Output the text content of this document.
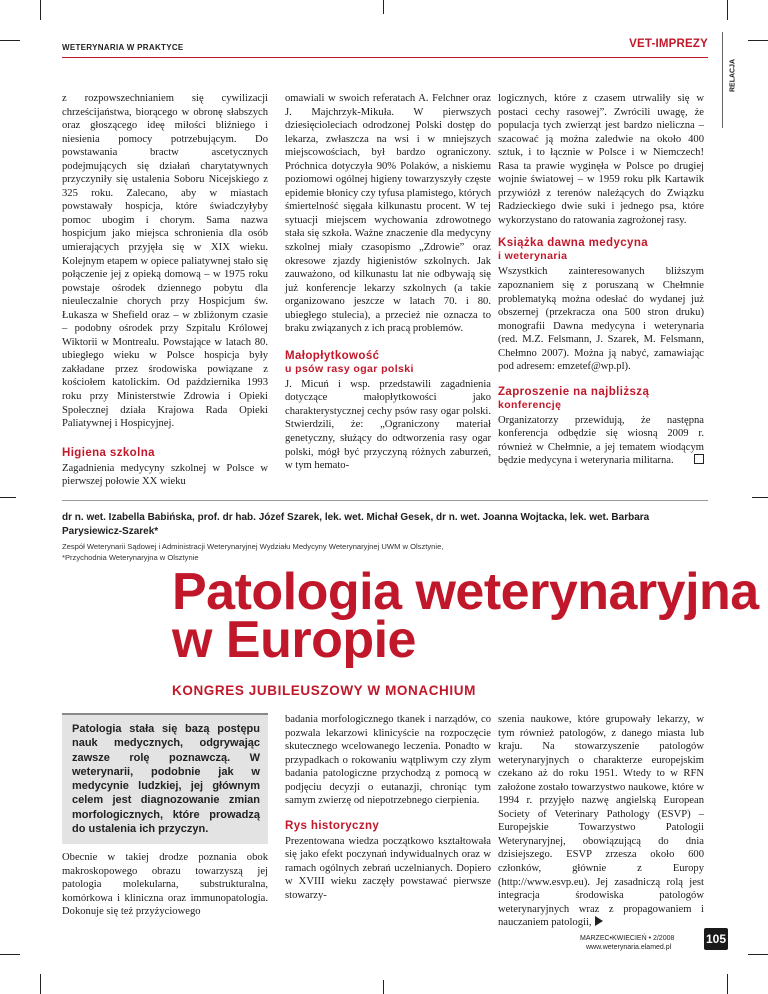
WETERYNARIA W PRAKTYCE	VET-IMPREZY
RELACJA

z rozpowszechnianiem się cywilizacji chrześcijaństwa, biorącego w obronę słabszych oraz głoszącego ideę miłości bliźniego i niesienia pomocy potrzebującym. Do powstawania bractw ascetycznych podejmujących się działań charytatywnych przyczyniły się ustalenia Soboru Nicejskiego z 325 roku. Zalecano, aby w miastach powstawały hospicja, które świadczyłyby pomoc ubogim i chorym. Sama nazwa hospicjum jako miejsca schronienia dla osób umierających przyjęła się w XIX wieku. Kolejnym etapem w opiece paliatywnej stało się połączenie jej z opieką domową – w 1975 roku powstaje ośrodek dziennego pobytu dla nieuleczalnie chorych przy Hospicjum św. Łukasza w Shefield oraz – w zbliżonym czasie – podobny ośrodek przy Szpitalu Królowej Wiktorii w Montrealu. Powstające w latach 80. ubiegłego wieku w Polsce hospicja były zakładane przez środowiska powiązane z kościołem katolickim. Od października 1993 roku przy Ministerstwie Zdrowia i Opieki Społecznej działa Krajowa Rada Opieki Paliatywnej i Hospicyjnej.

Higiena szkolna

Zagadnienia medycyny szkolnej w Polsce w pierwszej połowie XX wieku

omawiali w swoich referatach A. Felchner oraz J. Majchrzyk-Mikuła. W pierwszych dziesięcioleciach odrodzonej Polski dostęp do lekarza, zwłaszcza na wsi i w mniejszych miejscowościach, był bardzo ograniczony. Próchnica dotyczyła 90% Polaków, a niskiemu poziomowi ogólnej higieny towarzyszyły częste epidemie błonicy czy tyfusa plamistego, których śmiertelność sięgała kilkunastu procent. W tej sytuacji miejscem wychowania zdrowotnego stała się szkoła. Ważne znaczenie dla medycyny szkolnej miały czasopismo „Zdrowie” oraz okresowe zjazdy higienistów szkolnych. Jak zauważono, od kilkunastu lat nie odbywają się już konferencje lekarzy szkolnych (a takie organizowano jeszcze w latach 70. i 80. ubiegłego stulecia), a przecież nie oznacza to braku związanych z ich pracą problemów.

Małopłytkowość
u psów rasy ogar polski

J. Micuń i wsp. przedstawili zagadnienia dotyczące małopłytkowości jako charakterystycznej cechy psów rasy ogar polski. Stwierdzili, że: „Ograniczony materiał genetyczny, służący do odtworzenia rasy ogar polski, mógł być przyczyną różnych zaburzeń, w tym hemato-

logicznych, które z czasem utrwaliły się w postaci cechy rasowej”. Zwrócili uwagę, że populacja tych zwierząt jest bardzo nieliczna – szacować ją można zaledwie na około 400 sztuk, i to łącznie w Polsce i w Niemczech! Rasa ta prawie wyginęła w Polsce po drugiej wojnie światowej – w 1959 roku płk Kartawik przywiózł z terenów należących do Związku Radzieckiego dwie suki i jednego psa, które wykorzystano do ratowania zagrożonej rasy.

Książka dawna medycyna
i weterynaria

Wszystkich zainteresowanych bliższym zapoznaniem się z poruszaną w Chełmnie problematyką można odesłać do wydanej już obszernej (przekracza ona 500 stron druku) monografii Dawna medycyna i weterynaria (red. M.Z. Felsmann, J. Szarek, M. Felsmann, Chełmno 2007). Można ją nabyć, zamawiając pod adresem: emzetef@wp.pl).

Zaproszenie na najbliższą
konferencję

Organizatorzy przewidują, że następna konferencja odbędzie się wiosną 2009 r. również w Chełmnie, a jej tematem wiodącym będzie medycyna i weterynaria militarna.

dr n. wet. Izabella Babińska, prof. dr hab. Józef Szarek, lek. wet. Michał Gesek, dr n. wet. Joanna Wojtacka, lek. wet. Barbara Parysiewicz-Szarek*
Zespół Weterynarii Sądowej i Administracji Weterynaryjnej Wydziału Medycyny Weterynaryjnej UWM w Olsztynie,
*Przychodnia Weterynaryjna w Olsztynie
Patologia weterynaryjna
w Europie
KONGRES JUBILEUSZOWY W MONACHIUM
Patologia stała się bazą postępu nauk medycznych, odgrywając zawsze rolę poznawczą. W weterynarii, podobnie jak w medycynie ludzkiej, jej głównym celem jest diagnozowanie zmian morfologicznych, które prowadzą do ustalenia ich przyczyn.

Obecnie w takiej drodze poznania obok makroskopowego obrazu towarzyszą jej patologia molekularna, substrukturalna, komórkowa i kliniczna oraz immunopatologia. Dokonuje się też przyżyciowego

badania morfologicznego tkanek i narządów, co pozwala lekarzowi klinicyście na rozpoczęcie skutecznego wcelowanego leczenia. Ponadto w przypadkach o rokowaniu wątpliwym czy złym badania patologiczne przychodzą z pomocą w podjęciu decyzji o eutanazji, chroniąc tym samym zwierzę od niepotrzebnego cierpienia.

Rys historyczny

Prezentowana wiedza początkowo kształtowała się jako efekt poczynań indywidualnych oraz w ramach ogólnych zebrań uczelnianych. Dopiero w XVIII wieku zaczęły powstawać pierwsze stowarzy-

szenia naukowe, które grupowały lekarzy, w tym również patologów, z danego miasta lub kraju. Na stowarzyszenie patologów weterynaryjnych o charakterze europejskim czekano aż do roku 1951. Wtedy to w RFN założone zostało towarzystwo naukowe, które w 1994 r. przyjęło nazwę angielską European Society of Veterinary Pathology (ESVP) – Europejskie Towarzystwo Patologii Weterynaryjnej, obowiązującą do dnia dzisiejszego. ESVP zrzesza około 600 członków, głównie z Europy (http://www.esvp.eu). Jej zasadniczą rolą jest integracja środowiska patologów weterynaryjnych wraz z propagowaniem i nauczaniem patologii,

MARZEC•KWIECIEŃ • 2/2008
www.weterynaria.elamed.pl
105
